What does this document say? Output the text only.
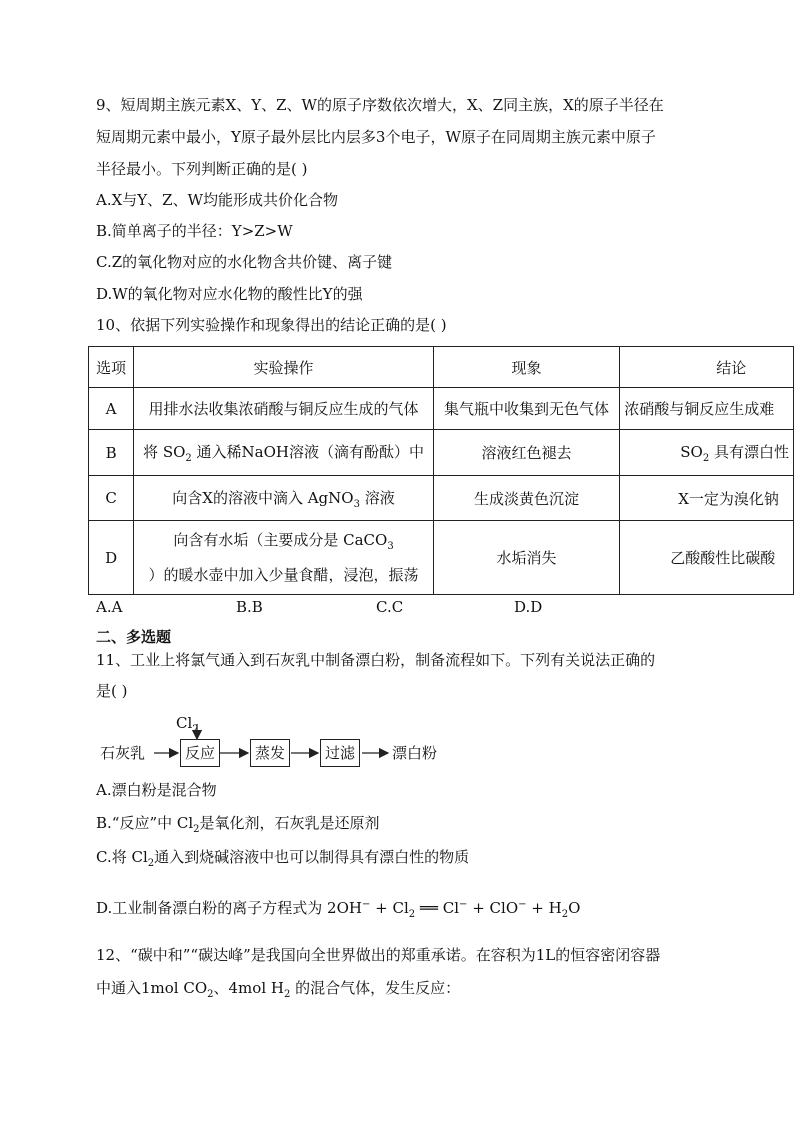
9、短周期主族元素X、Y、Z、W的原子序数依次增大，X、Z同主族，X的原子半径在
短周期元素中最小，Y原子最外层比内层多3个电子，W原子在同周期主族元素中原子
半径最小。下列判断正确的是( )
A.X与Y、Z、W均能形成共价化合物
B.简单离子的半径：Y>Z>W
C.Z的氧化物对应的水化物含共价键、离子键
D.W的氧化物对应水化物的酸性比Y的强
10、依据下列实验操作和现象得出的结论正确的是( )
选项	实验操作	现象	结论
A	用排水法收集浓硝酸与铜反应生成的气体	集气瓶中收集到无色气体	浓硝酸与铜反应生成难
B	将 $SO_2$ 通入稀NaOH溶液（滴有酚酞）中	溶液红色褪去	$SO_2$ 具有漂白性
C	向含X的溶液中滴入 AgNO$_3$ 溶液	生成淡黄色沉淀	X一定为溴化钠
D	向含有水垢（主要成分是 CaCO$_3$
）的暖水壶中加入少量食醋，浸泡，振荡	水垢消失	乙酸酸性比碳酸
A.A	B.B	C.C	D.D
二、多选题
11、工业上将氯气通入到石灰乳中制备漂白粉，制备流程如下。下列有关说法正确的
是( )
$Cl_2$
石灰乳	反应	蒸发	过滤	漂白粉
A.漂白粉是混合物
B.“反应”中 $Cl_2$是氧化剂，石灰乳是还原剂
C.将 $Cl_2$通入到烧碱溶液中也可以制得具有漂白性的物质
D.工业制备漂白粉的离子方程式为 $2OH^- + Cl_2$ ══ $Cl^- + ClO^- + H_2O$
12、“碳中和”“碳达峰”是我国向全世界做出的郑重承诺。在容积为1L的恒容密闭容器
中通入1mol $CO_2$、4mol $H_2$ 的混合气体，发生反应：
